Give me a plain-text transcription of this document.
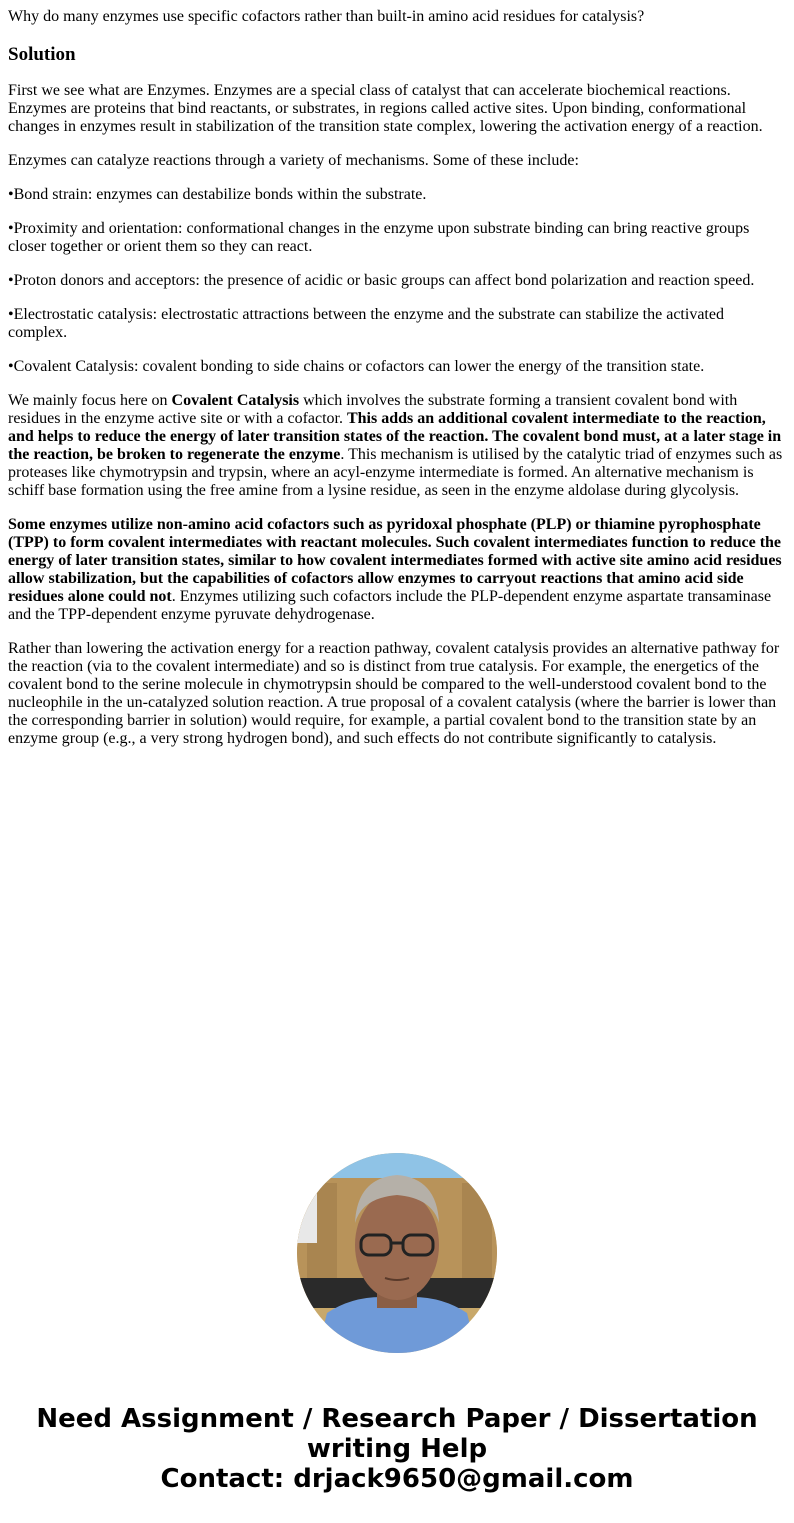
Why do many enzymes use specific cofactors rather than built-in amino acid residues for catalysis?

Solution

First we see what are Enzymes. Enzymes are a special class of catalyst that can accelerate biochemical reactions. Enzymes are proteins that bind reactants, or substrates, in regions called active sites. Upon binding, conformational changes in enzymes result in stabilization of the transition state complex, lowering the activation energy of a reaction.

Enzymes can catalyze reactions through a variety of mechanisms. Some of these include:

•Bond strain: enzymes can destabilize bonds within the substrate.

•Proximity and orientation: conformational changes in the enzyme upon substrate binding can bring reactive groups closer together or orient them so they can react.

•Proton donors and acceptors: the presence of acidic or basic groups can affect bond polarization and reaction speed.

•Electrostatic catalysis: electrostatic attractions between the enzyme and the substrate can stabilize the activated complex.

•Covalent Catalysis: covalent bonding to side chains or cofactors can lower the energy of the transition state.

We mainly focus here on Covalent Catalysis which involves the substrate forming a transient covalent bond with residues in the enzyme active site or with a cofactor. This adds an additional covalent intermediate to the reaction, and helps to reduce the energy of later transition states of the reaction. The covalent bond must, at a later stage in the reaction, be broken to regenerate the enzyme. This mechanism is utilised by the catalytic triad of enzymes such as proteases like chymotrypsin and trypsin, where an acyl-enzyme intermediate is formed. An alternative mechanism is schiff base formation using the free amine from a lysine residue, as seen in the enzyme aldolase during glycolysis.

Some enzymes utilize non-amino acid cofactors such as pyridoxal phosphate (PLP) or thiamine pyrophosphate (TPP) to form covalent intermediates with reactant molecules. Such covalent intermediates function to reduce the energy of later transition states, similar to how covalent intermediates formed with active site amino acid residues allow stabilization, but the capabilities of cofactors allow enzymes to carryout reactions that amino acid side residues alone could not. Enzymes utilizing such cofactors include the PLP-dependent enzyme aspartate transaminase and the TPP-dependent enzyme pyruvate dehydrogenase.

Rather than lowering the activation energy for a reaction pathway, covalent catalysis provides an alternative pathway for the reaction (via to the covalent intermediate) and so is distinct from true catalysis. For example, the energetics of the covalent bond to the serine molecule in chymotrypsin should be compared to the well-understood covalent bond to the nucleophile in the un-catalyzed solution reaction. A true proposal of a covalent catalysis (where the barrier is lower than the corresponding barrier in solution) would require, for example, a partial covalent bond to the transition state by an enzyme group (e.g., a very strong hydrogen bond), and such effects do not contribute significantly to catalysis.

Need Assignment / Research Paper / Dissertation
writing Help
Contact: drjack9650@gmail.com
